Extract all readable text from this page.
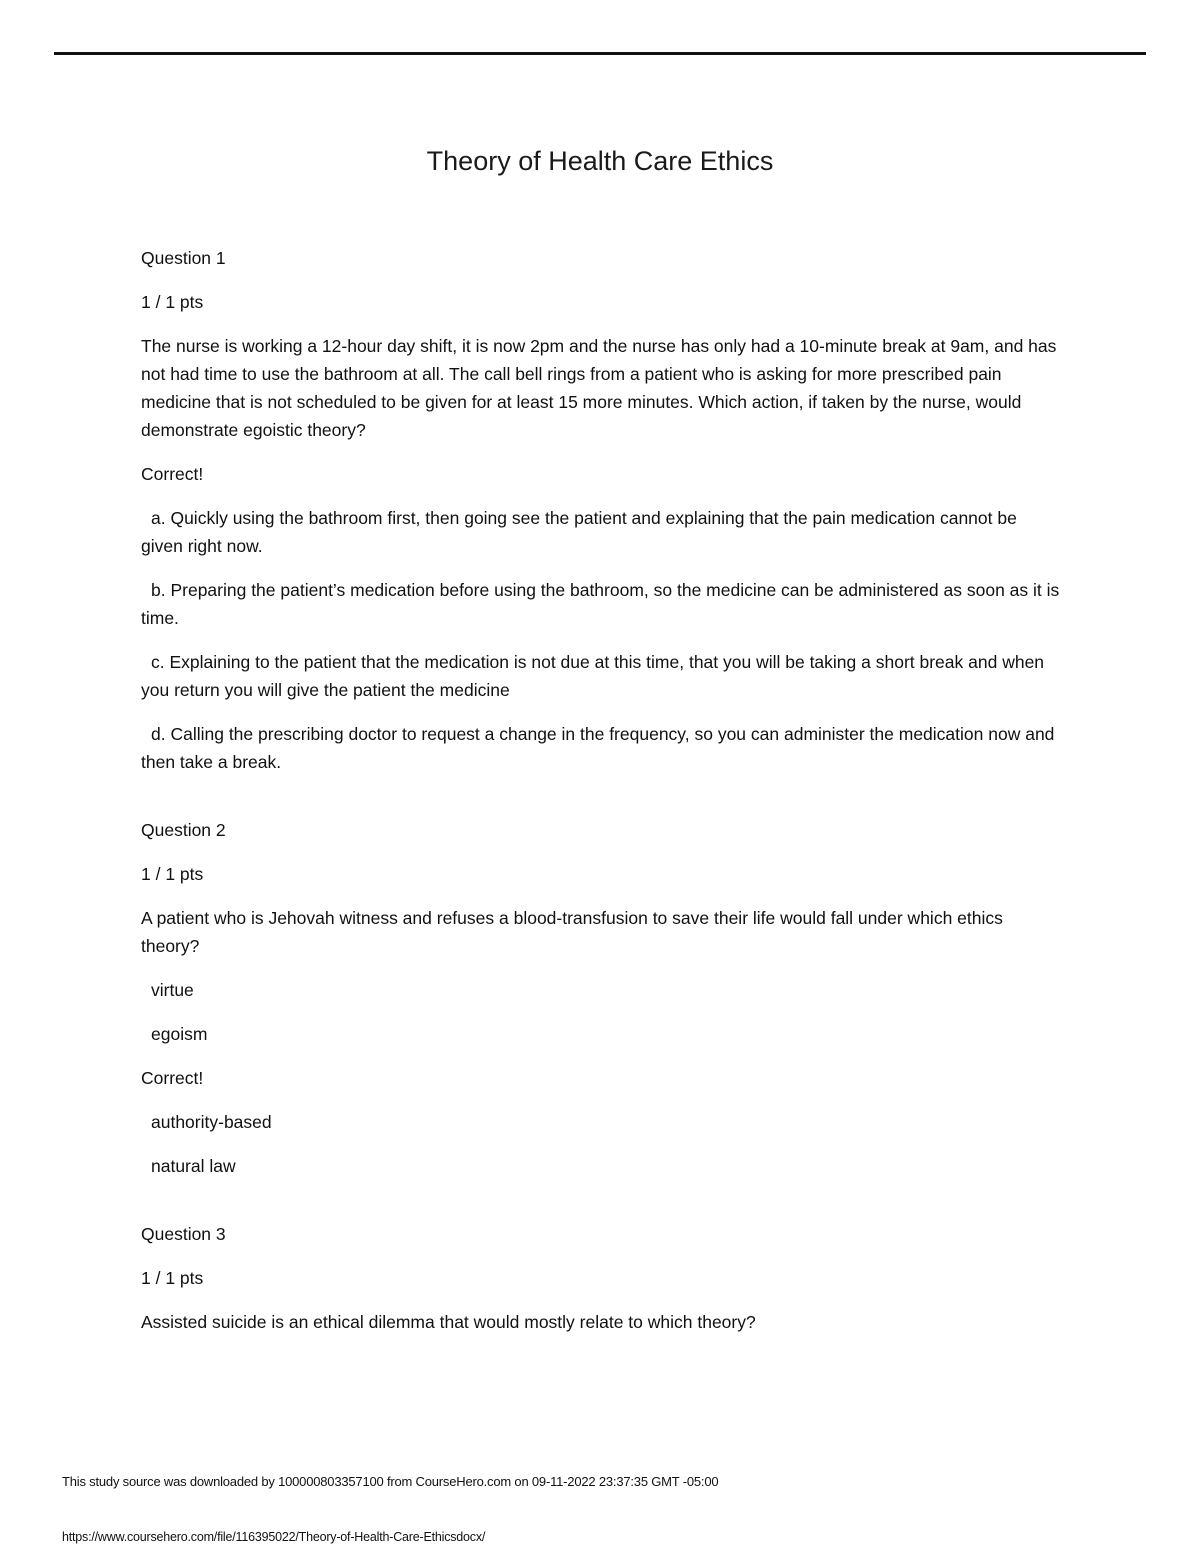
Theory of Health Care Ethics

Question 1

1 / 1 pts

The nurse is working a 12-hour day shift, it is now 2pm and the nurse has only had a 10-minute break at 9am, and has not had time to use the bathroom at all. The call bell rings from a patient who is asking for more prescribed pain medicine that is not scheduled to be given for at least 15 more minutes. Which action, if taken by the nurse, would demonstrate egoistic theory?

Correct!

a. Quickly using the bathroom first, then going see the patient and explaining that the pain medication cannot be given right now.

b. Preparing the patient’s medication before using the bathroom, so the medicine can be administered as soon as it is time.

c. Explaining to the patient that the medication is not due at this time, that you will be taking a short break and when you return you will give the patient the medicine

d. Calling the prescribing doctor to request a change in the frequency, so you can administer the medication now and then take a break.

Question 2

1 / 1 pts

A patient who is Jehovah witness and refuses a blood-transfusion to save their life would fall under which ethics theory?

virtue

egoism

Correct!

authority-based

natural law

Question 3

1 / 1 pts

Assisted suicide is an ethical dilemma that would mostly relate to which theory?

This study source was downloaded by 100000803357100 from CourseHero.com on 09-11-2022 23:37:35 GMT -05:00
https://www.coursehero.com/file/116395022/Theory-of-Health-Care-Ethicsdocx/
